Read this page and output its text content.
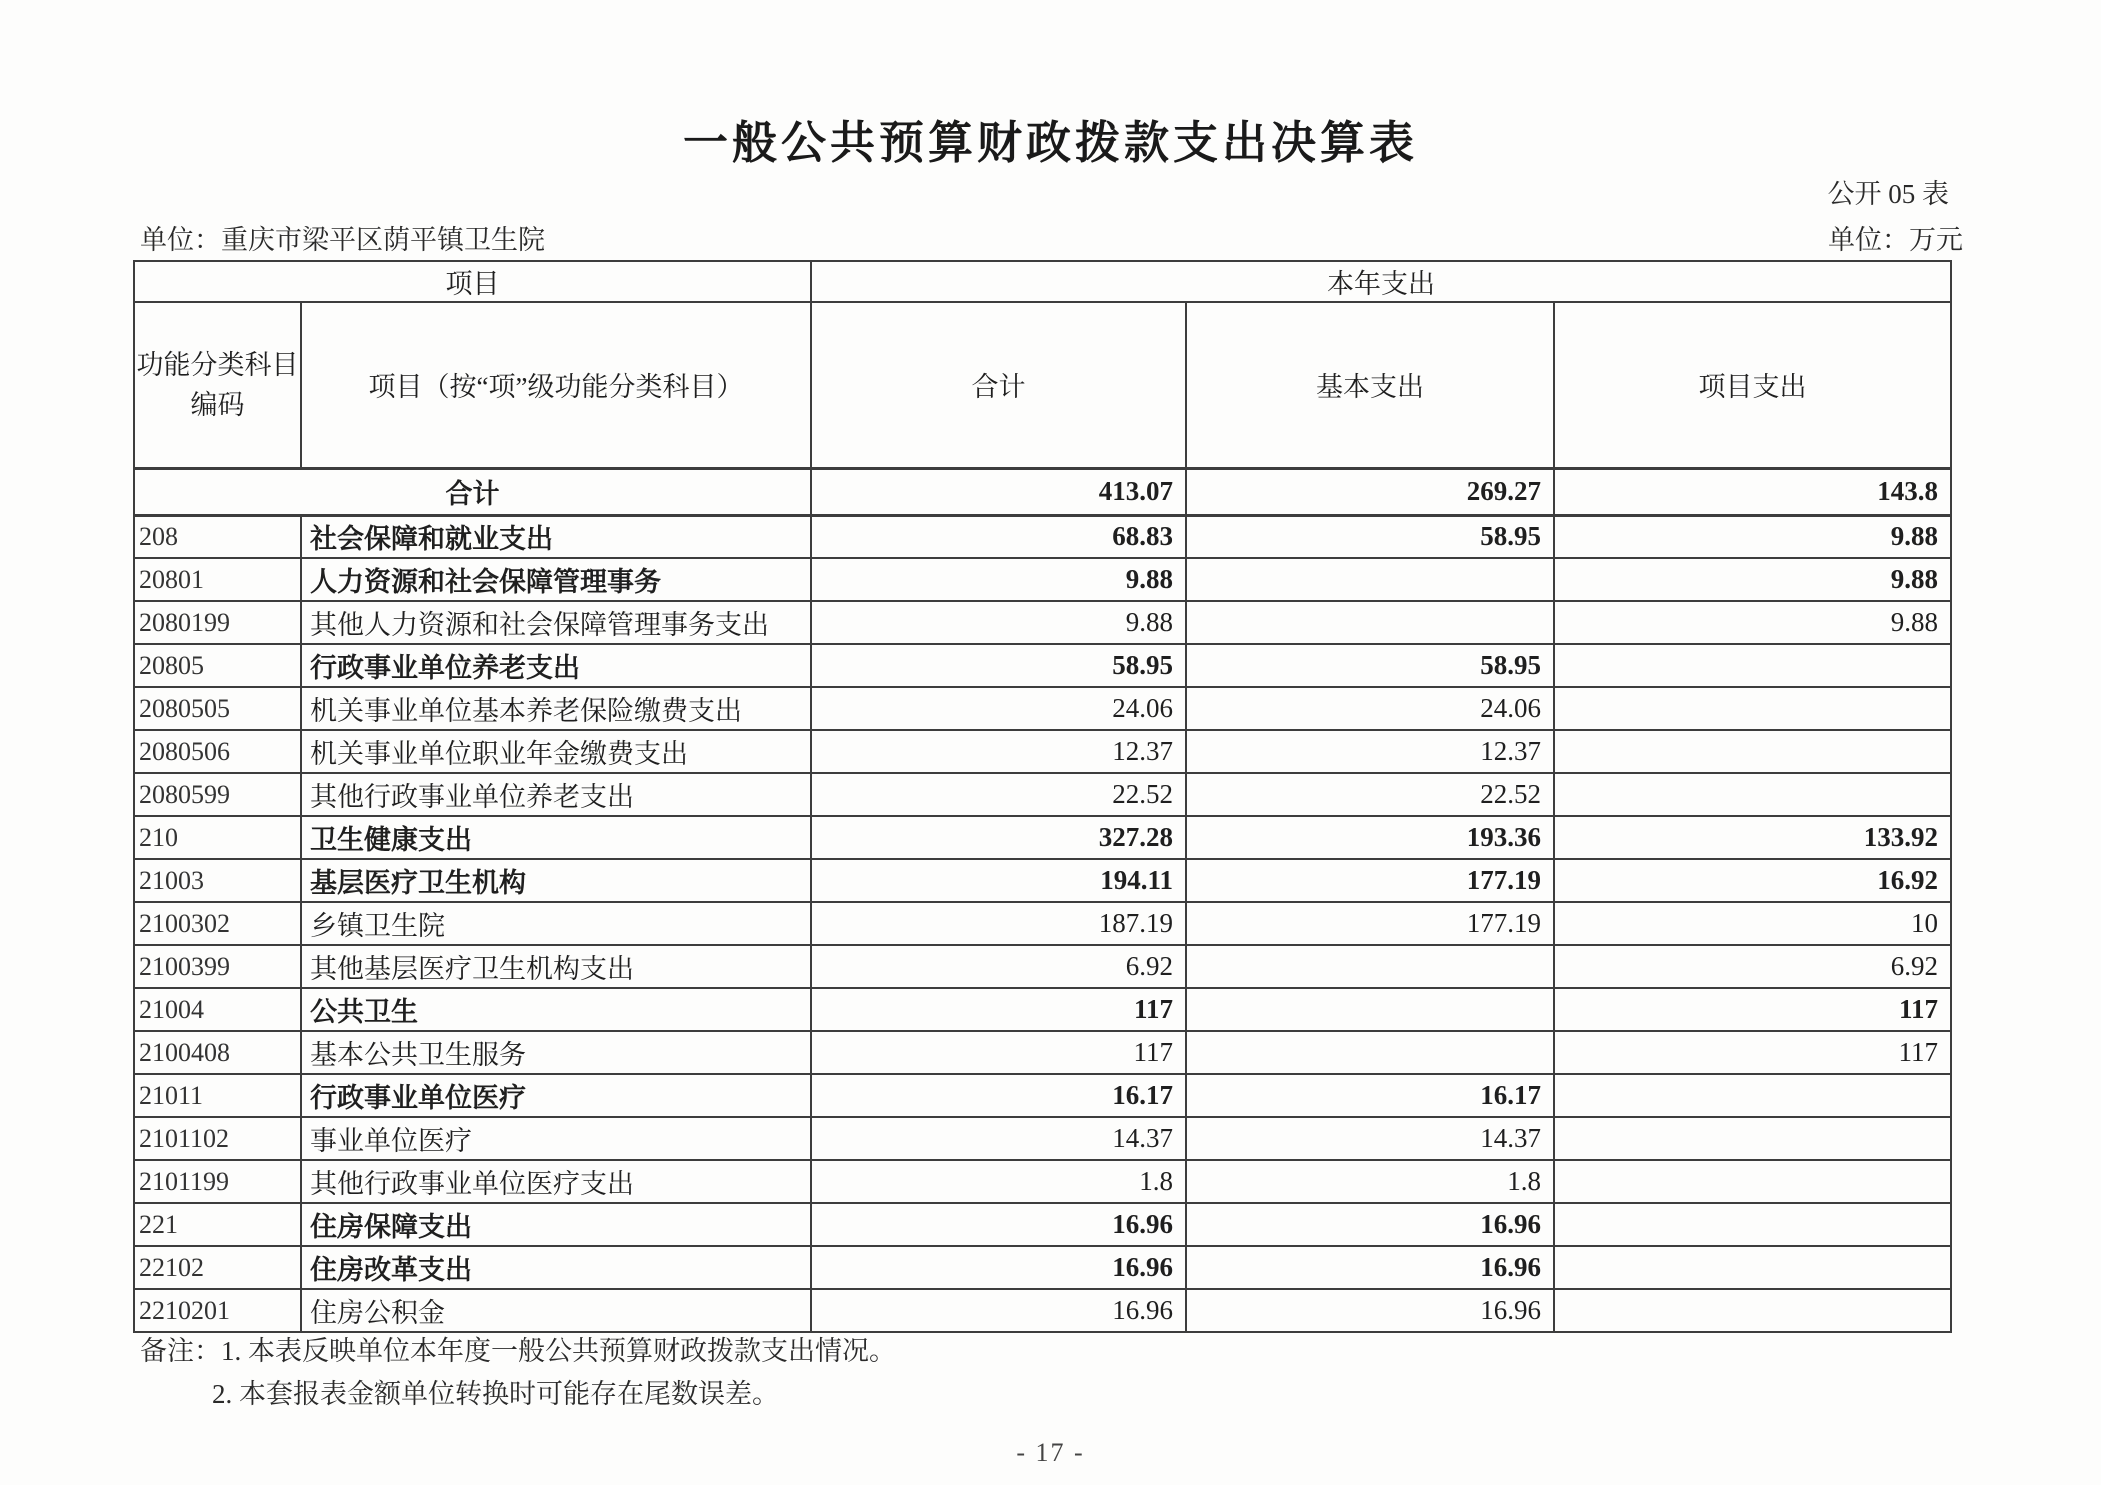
一般公共预算财政拨款支出决算表
公开 05 表
单位：重庆市梁平区荫平镇卫生院	单位：万元
项目		本年支出		

功能分类科目
编码	项目（按“项”级功能分类科目）	合计	基本支出	项目支出
合计		413.07	269.27	143.8
208	社会保障和就业支出	68.83	58.95	9.88
20801	人力资源和社会保障管理事务	9.88		9.88
2080199	其他人力资源和社会保障管理事务支出	9.88		9.88
20805	行政事业单位养老支出	58.95	58.95	
2080505	机关事业单位基本养老保险缴费支出	24.06	24.06	
2080506	机关事业单位职业年金缴费支出	12.37	12.37	
2080599	其他行政事业单位养老支出	22.52	22.52	
210	卫生健康支出	327.28	193.36	133.92
21003	基层医疗卫生机构	194.11	177.19	16.92
2100302	乡镇卫生院	187.19	177.19	10
2100399	其他基层医疗卫生机构支出	6.92		6.92
21004	公共卫生	117		117
2100408	基本公共卫生服务	117		117
21011	行政事业单位医疗	16.17	16.17	
2101102	事业单位医疗	14.37	14.37	
2101199	其他行政事业单位医疗支出	1.8	1.8	
221	住房保障支出	16.96	16.96	
22102	住房改革支出	16.96	16.96	
2210201	住房公积金	16.96	16.96	
备注：1. 本表反映单位本年度一般公共预算财政拨款支出情况。
2. 本套报表金额单位转换时可能存在尾数误差。
- 17 -
